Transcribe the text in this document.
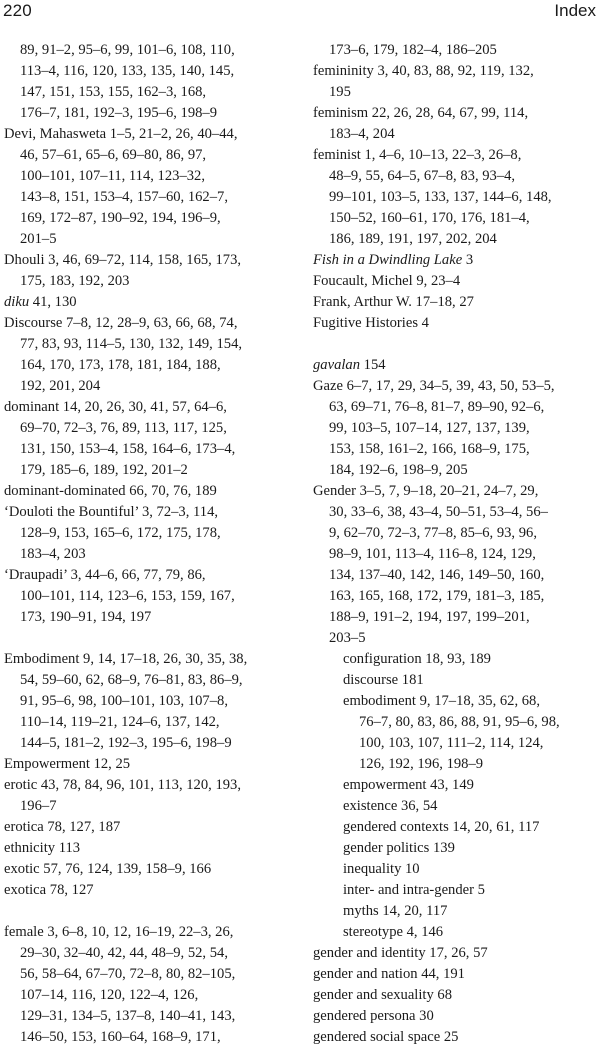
220	Index
89, 91–2, 95–6, 99, 101–6, 108, 110,
113–4, 116, 120, 133, 135, 140, 145,
147, 151, 153, 155, 162–3, 168,
176–7, 181, 192–3, 195–6, 198–9
Devi, Mahasweta 1–5, 21–2, 26, 40–44,
46, 57–61, 65–6, 69–80, 86, 97,
100–101, 107–11, 114, 123–32,
143–8, 151, 153–4, 157–60, 162–7,
169, 172–87, 190–92, 194, 196–9,
201–5
Dhouli 3, 46, 69–72, 114, 158, 165, 173,
175, 183, 192, 203
diku 41, 130
Discourse 7–8, 12, 28–9, 63, 66, 68, 74,
77, 83, 93, 114–5, 130, 132, 149, 154,
164, 170, 173, 178, 181, 184, 188,
192, 201, 204
dominant 14, 20, 26, 30, 41, 57, 64–6,
69–70, 72–3, 76, 89, 113, 117, 125,
131, 150, 153–4, 158, 164–6, 173–4,
179, 185–6, 189, 192, 201–2
dominant-dominated 66, 70, 76, 189
‘Douloti the Bountiful’ 3, 72–3, 114,
128–9, 153, 165–6, 172, 175, 178,
183–4, 203
‘Draupadi’ 3, 44–6, 66, 77, 79, 86,
100–101, 114, 123–6, 153, 159, 167,
173, 190–91, 194, 197
Embodiment 9, 14, 17–18, 26, 30, 35, 38,
54, 59–60, 62, 68–9, 76–81, 83, 86–9,
91, 95–6, 98, 100–101, 103, 107–8,
110–14, 119–21, 124–6, 137, 142,
144–5, 181–2, 192–3, 195–6, 198–9
Empowerment 12, 25
erotic 43, 78, 84, 96, 101, 113, 120, 193,
196–7
erotica 78, 127, 187
ethnicity 113
exotic 57, 76, 124, 139, 158–9, 166
exotica 78, 127
female 3, 6–8, 10, 12, 16–19, 22–3, 26,
29–30, 32–40, 42, 44, 48–9, 52, 54,
56, 58–64, 67–70, 72–8, 80, 82–105,
107–14, 116, 120, 122–4, 126,
129–31, 134–5, 137–8, 140–41, 143,
146–50, 153, 160–64, 168–9, 171,
173–6, 179, 182–4, 186–205
femininity 3, 40, 83, 88, 92, 119, 132,
195
feminism 22, 26, 28, 64, 67, 99, 114,
183–4, 204
feminist 1, 4–6, 10–13, 22–3, 26–8,
48–9, 55, 64–5, 67–8, 83, 93–4,
99–101, 103–5, 133, 137, 144–6, 148,
150–52, 160–61, 170, 176, 181–4,
186, 189, 191, 197, 202, 204
Fish in a Dwindling Lake 3
Foucault, Michel 9, 23–4
Frank, Arthur W. 17–18, 27
Fugitive Histories 4
gavalan 154
Gaze 6–7, 17, 29, 34–5, 39, 43, 50, 53–5,
63, 69–71, 76–8, 81–7, 89–90, 92–6,
99, 103–5, 107–14, 127, 137, 139,
153, 158, 161–2, 166, 168–9, 175,
184, 192–6, 198–9, 205
Gender 3–5, 7, 9–18, 20–21, 24–7, 29,
30, 33–6, 38, 43–4, 50–51, 53–4, 56–
9, 62–70, 72–3, 77–8, 85–6, 93, 96,
98–9, 101, 113–4, 116–8, 124, 129,
134, 137–40, 142, 146, 149–50, 160,
163, 165, 168, 172, 179, 181–3, 185,
188–9, 191–2, 194, 197, 199–201,
203–5
configuration 18, 93, 189
discourse 181
embodiment 9, 17–18, 35, 62, 68,
76–7, 80, 83, 86, 88, 91, 95–6, 98,
100, 103, 107, 111–2, 114, 124,
126, 192, 196, 198–9
empowerment 43, 149
existence 36, 54
gendered contexts 14, 20, 61, 117
gender politics 139
inequality 10
inter- and intra-gender 5
myths 14, 20, 117
stereotype 4, 146
gender and identity 17, 26, 57
gender and nation 44, 191
gender and sexuality 68
gendered persona 30
gendered social space 25
